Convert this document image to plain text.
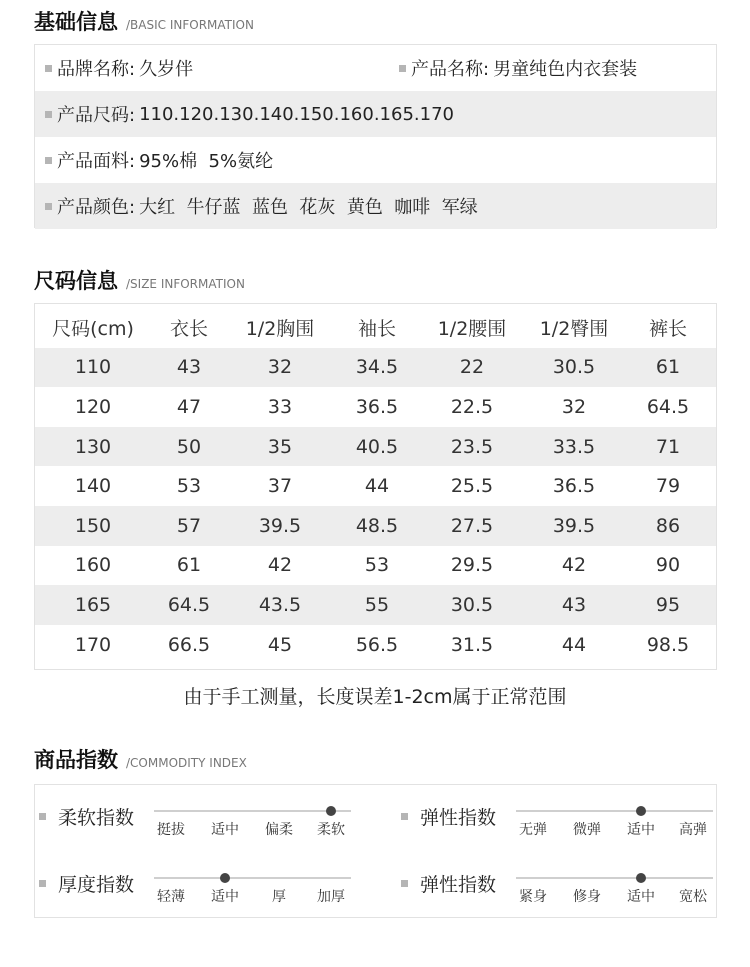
基础信息 /BASIC INFORMATION
品牌名称: 久岁伴	产品名称: 男童纯色内衣套装
产品尺码: 110.120.130.140.150.160.165.170
产品面料: 95%棉  5%氨纶
产品颜色: 大红  牛仔蓝  蓝色  花灰  黄色  咖啡  军绿
尺码信息 /SIZE INFORMATION
尺码(cm) 衣长 1/2胸围 袖长 1/2腰围 1/2臀围 裤长
110	43	32	34.5	22	30.5	61
120	47	33	36.5	22.5	32	64.5
130	50	35	40.5	23.5	33.5	71
140	53	37	44	25.5	36.5	79
150	57	39.5	48.5	27.5	39.5	86
160	61	42	53	29.5	42	90
165	64.5	43.5	55	30.5	43	95
170	66.5	45	56.5	31.5	44	98.5
由于手工测量，长度误差1-2cm属于正常范围
商品指数 /COMMODITY INDEX
柔软指数
挺拔 适中 偏柔 柔软
弹性指数
无弹 微弹 适中 高弹
厚度指数
轻薄 适中 厚 加厚
弹性指数
紧身 修身 适中 宽松
